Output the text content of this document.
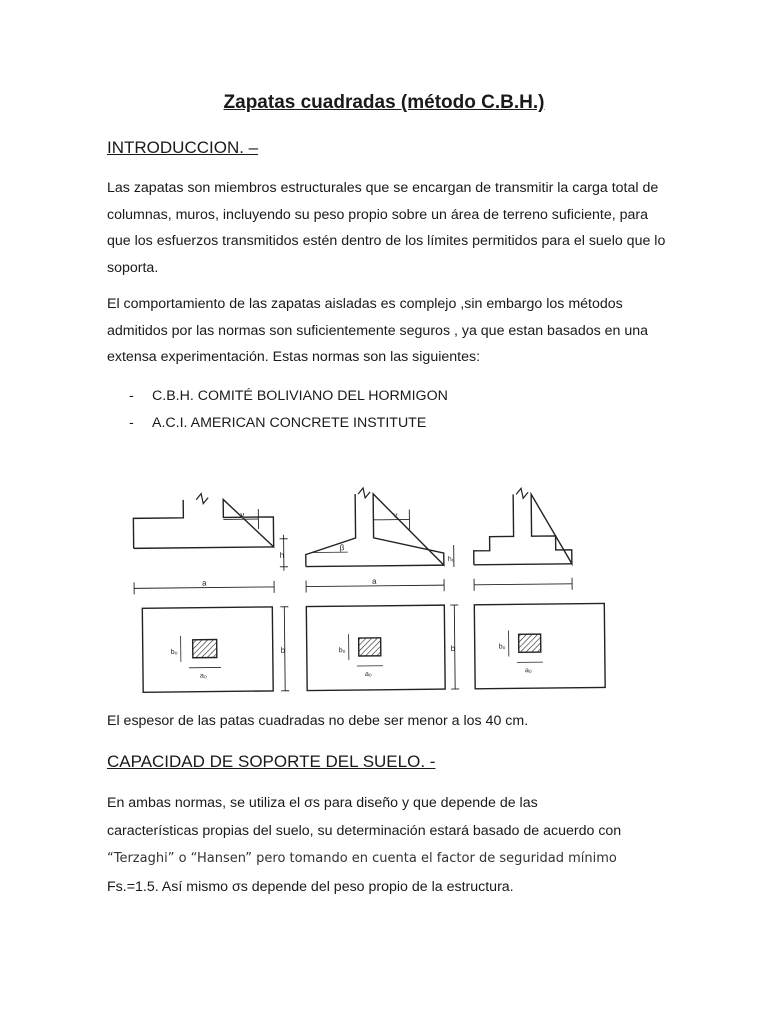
Zapatas cuadradas (método C.B.H.)
INTRODUCCION. –
Las zapatas son miembros estructurales que se encargan de transmitir la carga total de columnas, muros, incluyendo su peso propio sobre un área de terreno suficiente, para que los esfuerzos transmitidos estén dentro de los límites permitidos para el suelo que lo soporta.
El comportamiento de las zapatas aisladas es complejo ,sin embargo los métodos admitidos por las normas son suficientemente seguros , ya que estan basados en una extensa experimentación. Estas normas son las siguientes:
- C.B.H. COMITÉ BOLIVIANO DEL HORMIGON
- A.C.I. AMERICAN CONCRETE INSTITUTE
v
a
h
b₀
a₀
b
v
β
a
b₀
a₀
b
h₀
b₀
a₀
El espesor de las patas cuadradas no debe ser menor a los 40 cm.
CAPACIDAD DE SOPORTE DEL SUELO. -
En ambas normas, se utiliza el σs para diseño y que depende de las
características propias del suelo, su determinación estará basado de acuerdo con
“Terzaghi” o “Hansen” pero tomando en cuenta el factor de seguridad mínimo
Fs.=1.5. Así mismo σs depende del peso propio de la estructura.
